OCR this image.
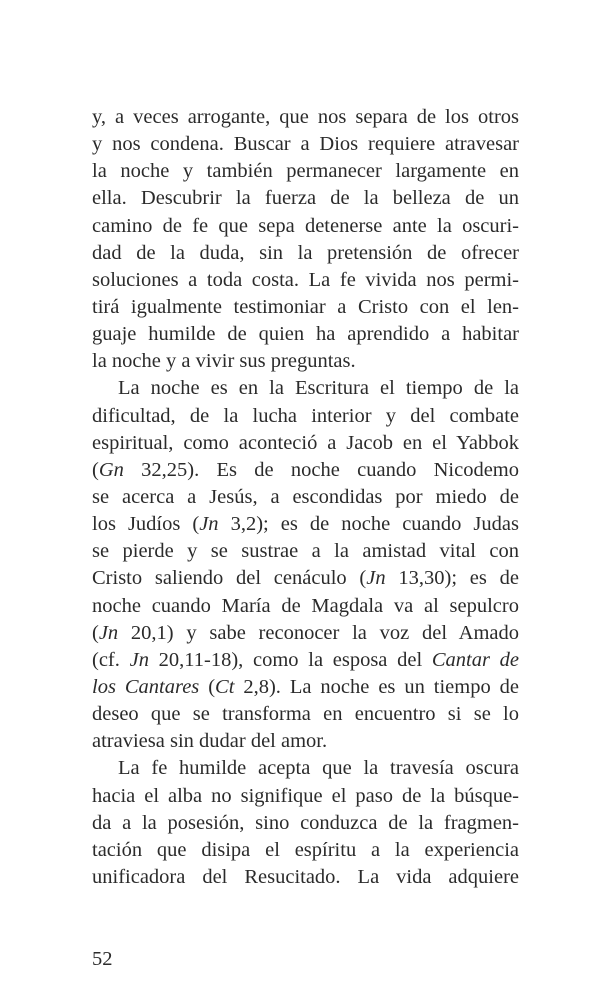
y, a veces arrogante, que nos separa de los otros
y nos condena. Buscar a Dios requiere atravesar
la noche y también permanecer largamente en
ella. Descubrir la fuerza de la belleza de un
camino de fe que sepa detenerse ante la oscuri-
dad de la duda, sin la pretensión de ofrecer
soluciones a toda costa. La fe vivida nos permi-
tirá igualmente testimoniar a Cristo con el len-
guaje humilde de quien ha aprendido a habitar
la noche y a vivir sus preguntas.
La noche es en la Escritura el tiempo de la
dificultad, de la lucha interior y del combate
espiritual, como aconteció a Jacob en el Yabbok
(Gn 32,25). Es de noche cuando Nicodemo
se acerca a Jesús, a escondidas por miedo de
los Judíos (Jn 3,2); es de noche cuando Judas
se pierde y se sustrae a la amistad vital con
Cristo saliendo del cenáculo (Jn 13,30); es de
noche cuando María de Magdala va al sepulcro
(Jn 20,1) y sabe reconocer la voz del Amado
(cf. Jn 20,11-18), como la esposa del Cantar de
los Cantares (Ct 2,8). La noche es un tiempo de
deseo que se transforma en encuentro si se lo
atraviesa sin dudar del amor.
La fe humilde acepta que la travesía oscura
hacia el alba no signifique el paso de la búsque-
da a la posesión, sino conduzca de la fragmen-
tación que disipa el espíritu a la experiencia
unificadora del Resucitado. La vida adquiere
52
